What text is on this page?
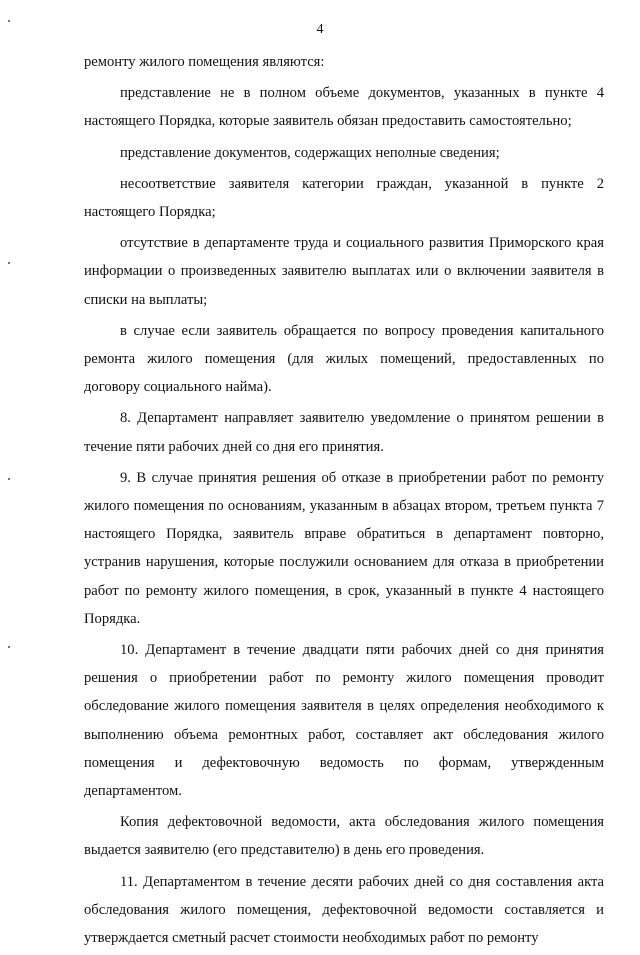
4

ремонту жилого помещения являются:

представление не в полном объеме документов, указанных в пункте 4 настоящего Порядка, которые заявитель обязан предоставить самостоятельно;

представление документов, содержащих неполные сведения;

несоответствие заявителя категории граждан, указанной в пункте 2 настоящего Порядка;

отсутствие в департаменте труда и социального развития Приморского края информации о произведенных заявителю выплатах или о включении заявителя в списки на выплаты;

в случае если заявитель обращается по вопросу проведения капитального ремонта жилого помещения (для жилых помещений, предоставленных по договору социального найма).

8. Департамент направляет заявителю уведомление о принятом решении в течение пяти рабочих дней со дня его принятия.

9. В случае принятия решения об отказе в приобретении работ по ремонту жилого помещения по основаниям, указанным в абзацах втором, третьем пункта 7 настоящего Порядка, заявитель вправе обратиться в департамент повторно, устранив нарушения, которые послужили основанием для отказа в приобретении работ по ремонту жилого помещения, в срок, указанный в пункте 4 настоящего Порядка.

10. Департамент в течение двадцати пяти рабочих дней со дня принятия решения о приобретении работ по ремонту жилого помещения проводит обследование жилого помещения заявителя в целях определения необходимого к выполнению объема ремонтных работ, составляет акт обследования жилого помещения и дефектовочную ведомость по формам, утвержденным департаментом.

Копия дефектовочной ведомости, акта обследования жилого помещения выдается заявителю (его представителю) в день его проведения.

11. Департаментом в течение десяти рабочих дней со дня составления акта обследования жилого помещения, дефектовочной ведомости составляется и утверждается сметный расчет стоимости необходимых работ по ремонту
